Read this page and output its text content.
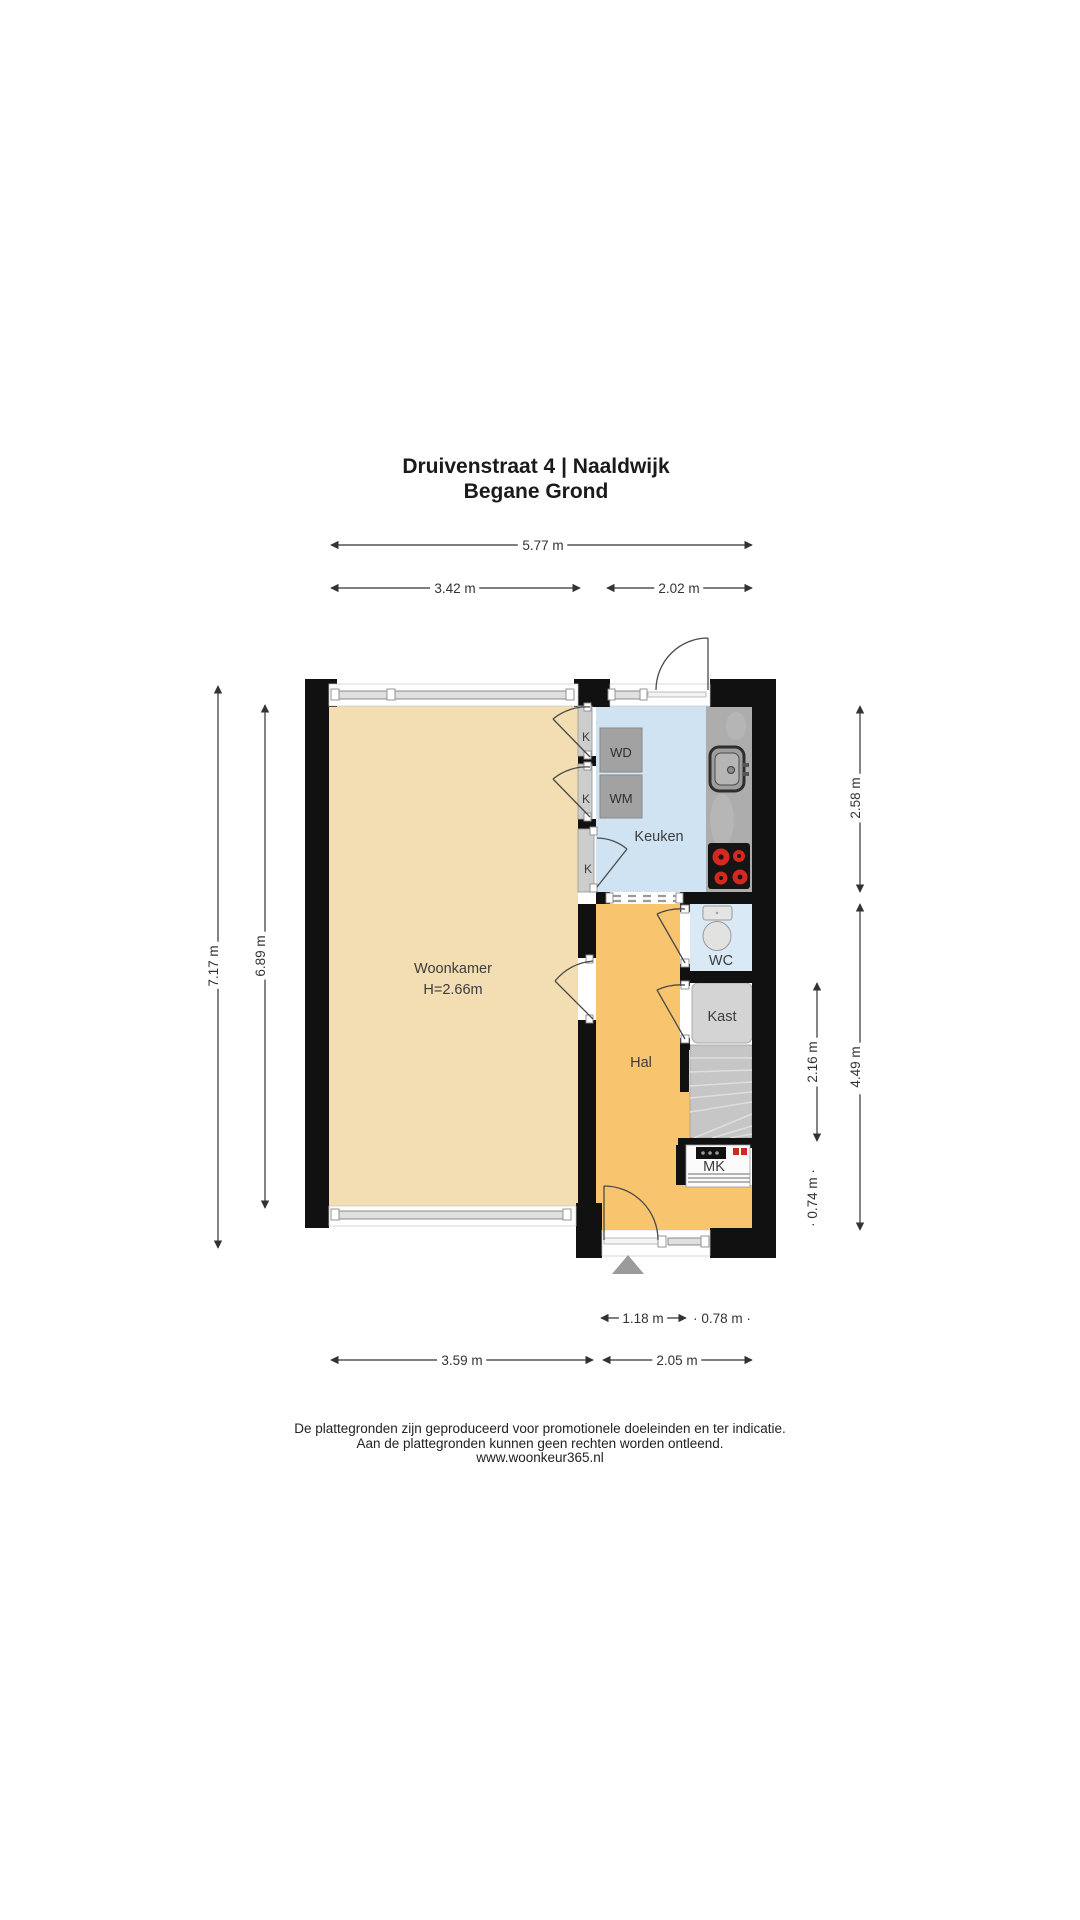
Druivenstraat 4 | Naaldwijk
Begane Grond
WD
WM
Woonkamer
H=2.66m
Keuken
Hal
WC
Kast
MK
K
K
K
5.77 m
3.42 m	2.02 m
7.17 m 6.89 m
2.58 m
4.49 m
2.16 m
· 0.74 m ·
1.18 m · 0.78 m ·
3.59 m	2.05 m
De plattegronden zijn geproduceerd voor promotionele doeleinden en ter indicatie.
Aan de plattegronden kunnen geen rechten worden ontleend.
www.woonkeur365.nl
